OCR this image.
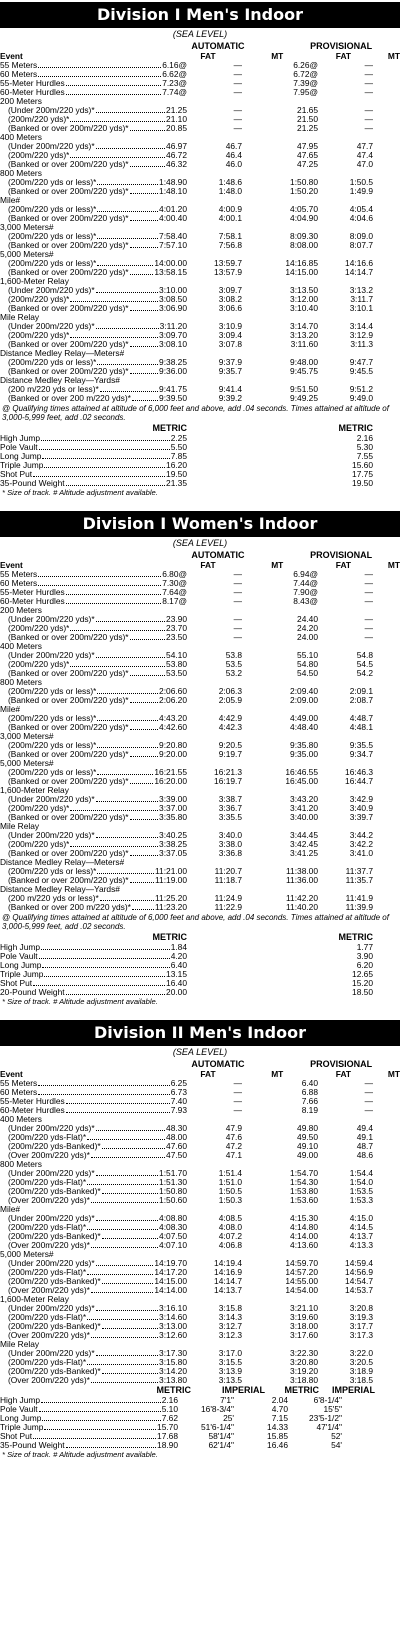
Division I Men's Indoor
(SEA LEVEL)
AUTOMATIC	PROVISIONAL
Event	FAT	MT	FAT	MT
55 Meters	6.16@	—	6.26@	—
60 Meters	6.62@	—	6.72@	—
55-Meter Hurdles	7.23@	—	7.39@	—
60-Meter Hurdles	7.74@	—	7.95@	—
200 Meters
(Under 200m/220 yds)*	21.25	—	21.65	—
(200m/220 yds)*	21.10	—	21.50	—
(Banked or over 200m/220 yds)*	20.85	—	21.25	—
400 Meters
(Under 200m/220 yds)*	46.97	46.7	47.95	47.7
(200m/220 yds)*	46.72	46.4	47.65	47.4
(Banked or over 200m/220 yds)*	46.32	46.0	47.25	47.0
800 Meters
(200m/220 yds or less)*	1:48.90	1:48.6	1:50.80	1:50.5
(Banked or over 200m/220 yds)*	1:48.10	1:48.0	1:50.20	1:49.9
Mile#
(200m/220 yds or less)*	4:01.20	4:00.9	4:05.70	4:05.4
(Banked or over 200m/220 yds)*	4:00.40	4:00.1	4:04.90	4:04.6
3,000 Meters#
(200m/220 yds or less)*	7:58.40	7:58.1	8:09.30	8:09.0
(Banked or over 200m/220 yds)*	7:57.10	7:56.8	8:08.00	8:07.7
5,000 Meters#
(200m/220 yds or less)*	14:00.00	13:59.7	14:16.85	14:16.6
(Banked or over 200m/220 yds)*	13:58.15	13:57.9	14:15.00	14:14.7
1,600-Meter Relay
(Under 200m/220 yds)*	3:10.00	3:09.7	3:13.50	3:13.2
(200m/220 yds)*	3:08.50	3:08.2	3:12.00	3:11.7
(Banked or over 200m/220 yds)*	3:06.90	3:06.6	3:10.40	3:10.1
Mile Relay
(Under 200m/220 yds)*	3:11.20	3:10.9	3:14.70	3:14.4
(200m/220 yds)*	3:09.70	3:09.4	3:13.20	3:12.9
(Banked or over 200m/220 yds)*	3:08.10	3:07.8	3:11.60	3:11.3
Distance Medley Relay—Meters#
(200m/220 yds or less)*	9:38.25	9:37.9	9:48.00	9:47.7
(Banked or over 200m/220 yds)*	9:36.00	9:35.7	9:45.75	9:45.5
Distance Medley Relay—Yards#
(200 m/220 yds or less)*	9:41.75	9:41.4	9:51.50	9:51.2
(Banked or over 200 m/220 yds)*	9:39.50	9:39.2	9:49.25	9:49.0
@ Qualifying times attained at altitude of 6,000 feet and above, add .04 seconds. Times attained at altitude of 3,000-5,999 feet, add .02 seconds.
METRIC	METRIC
High Jump	2.25	2.16
Pole Vault	5.50	5.30
Long Jump	7.85	7.55
Triple Jump	16.20	15.60
Shot Put	19.50	17.75
35-Pound Weight	21.35	19.50
* Size of track. # Altitude adjustment available.
Division I Women's Indoor
(SEA LEVEL)
AUTOMATIC	PROVISIONAL
Event	FAT	MT	FAT	MT
55 Meters	6.80@	—	6.94@	—
60 Meters	7.30@	—	7.44@	—
55-Meter Hurdles	7.64@	—	7.90@	—
60-Meter Hurdles	8.17@	—	8.43@	—
200 Meters
(Under 200m/220 yds)*	23.90	—	24.40	—
(200m/220 yds)*	23.70	—	24.20	—
(Banked or over 200m/220 yds)*	23.50	—	24.00	—
400 Meters
(Under 200m/220 yds)*	54.10	53.8	55.10	54.8
(200m/220 yds)*	53.80	53.5	54.80	54.5
(Banked or over 200m/220 yds)*	53.50	53.2	54.50	54.2
800 Meters
(200m/220 yds or less)*	2:06.60	2:06.3	2:09.40	2:09.1
(Banked or over 200m/220 yds)*	2:06.20	2:05.9	2:09.00	2:08.7
Mile#
(200m/220 yds or less)*	4:43.20	4:42.9	4:49.00	4:48.7
(Banked or over 200m/220 yds)*	4:42.60	4:42.3	4:48.40	4:48.1
3,000 Meters#
(200m/220 yds or less)*	9:20.80	9:20.5	9:35.80	9:35.5
(Banked or over 200m/220 yds)*	9:20.00	9:19.7	9:35.00	9:34.7
5,000 Meters#
(200m/220 yds or less)*	16:21.55	16:21.3	16:46.55	16:46.3
(Banked or over 200m/220 yds)*	16:20.00	16:19.7	16:45.00	16:44.7
1,600-Meter Relay
(Under 200m/220 yds)*	3:39.00	3:38.7	3:43.20	3:42.9
(200m/220 yds)*	3:37.00	3:36.7	3:41.20	3:40.9
(Banked or over 200m/220 yds)*	3:35.80	3:35.5	3:40.00	3:39.7
Mile Relay
(Under 200m/220 yds)*	3:40.25	3:40.0	3:44.45	3:44.2
(200m/220 yds)*	3:38.25	3:38.0	3:42.45	3:42.2
(Banked or over 200m/220 yds)*	3:37.05	3:36.8	3:41.25	3:41.0
Distance Medley Relay—Meters#
(200m/220 yds or less)*	11:21.00	11:20.7	11:38.00	11:37.7
(Banked or over 200m/220 yds)*	11:19.00	11:18.7	11:36.00	11:35.7
Distance Medley Relay—Yards#
(200 m/220 yds or less)*	11:25.20	11:24.9	11:42.20	11:41.9
(Banked or over 200 m/220 yds)*	11:23.20	11:22.9	11:40.20	11:39.9
@ Qualifying times attained at altitude of 6,000 feet and above, add .04 seconds. Times attained at altitude of 3,000-5,999 feet, add .02 seconds.
METRIC	METRIC
High Jump	1.84	1.77
Pole Vault	4.20	3.90
Long Jump	6.40	6.20
Triple Jump	13.15	12.65
Shot Put	16.40	15.20
20-Pound Weight	20.00	18.50
* Size of track. # Altitude adjustment available.
Division II Men's Indoor
(SEA LEVEL)
AUTOMATIC	PROVISIONAL
Event	FAT	MT	FAT	MT
55 Meters	6.25	—	6.40	—
60 Meters	6.73	—	6.88	—
55-Meter Hurdles	7.40	—	7.66	—
60-Meter Hurdles	7.93	—	8.19	—
400 Meters
(Under 200m/220 yds)*	48.30	47.9	49.80	49.4
(200m/220 yds-Flat)*	48.00	47.6	49.50	49.1
(200m/220 yds-Banked)*	47.60	47.2	49.10	48.7
(Over 200m/220 yds)*	47.50	47.1	49.00	48.6
800 Meters
(Under 200m/220 yds)*	1:51.70	1:51.4	1:54.70	1:54.4
(200m/220 yds-Flat)*	1:51.30	1:51.0	1:54.30	1:54.0
(200m/220 yds-Banked)*	1:50.80	1:50.5	1:53.80	1:53.5
(Over 200m/220 yds)*	1:50.60	1:50.3	1:53.60	1:53.3
Mile#
(Under 200m/220 yds)*	4:08.80	4:08.5	4:15.30	4:15.0
(200m/220 yds-Flat)*	4:08.30	4:08.0	4:14.80	4:14.5
(200m/220 yds-Banked)*	4:07.50	4:07.2	4:14.00	4:13.7
(Over 200m/220 yds)*	4:07.10	4:06.8	4:13.60	4:13.3
5,000 Meters#
(Under 200m/220 yds)*	14:19.70	14:19.4	14:59.70	14:59.4
(200m/220 yds-Flat)*	14:17.20	14:16.9	14:57.20	14:56.9
(200m/220 yds-Banked)*	14:15.00	14:14.7	14:55.00	14:54.7
(Over 200m/220 yds)*	14:14.00	14:13.7	14:54.00	14:53.7
1,600-Meter Relay
(Under 200m/220 yds)*	3:16.10	3:15.8	3:21.10	3:20.8
(200m/220 yds-Flat)*	3:14.60	3:14.3	3:19.60	3:19.3
(200m/220 yds-Banked)*	3:13.00	3:12.7	3:18.00	3:17.7
(Over 200m/220 yds)*	3:12.60	3:12.3	3:17.60	3:17.3
Mile Relay
(Under 200m/220 yds)*	3:17.30	3:17.0	3:22.30	3:22.0
(200m/220 yds-Flat)*	3:15.80	3:15.5	3:20.80	3:20.5
(200m/220 yds-Banked)*	3:14.20	3:13.9	3:19.20	3:18.9
(Over 200m/220 yds)*	3:13.80	3:13.5	3:18.80	3:18.5
METRIC	IMPERIAL	METRIC	IMPERIAL
High Jump	2.16	7'1"	2.04	6'8-1/4"
Pole Vault	5.10	16'8-3/4"	4.70	15'5"
Long Jump	7.62	25'	7.15	23'5-1/2"
Triple Jump	15.70	51'6-1/4"	14.33	47'1/4"
Shot Put	17.68	58'1/4"	15.85	52'
35-Pound Weight	18.90	62'1/4"	16.46	54'
* Size of track. # Altitude adjustment available.
